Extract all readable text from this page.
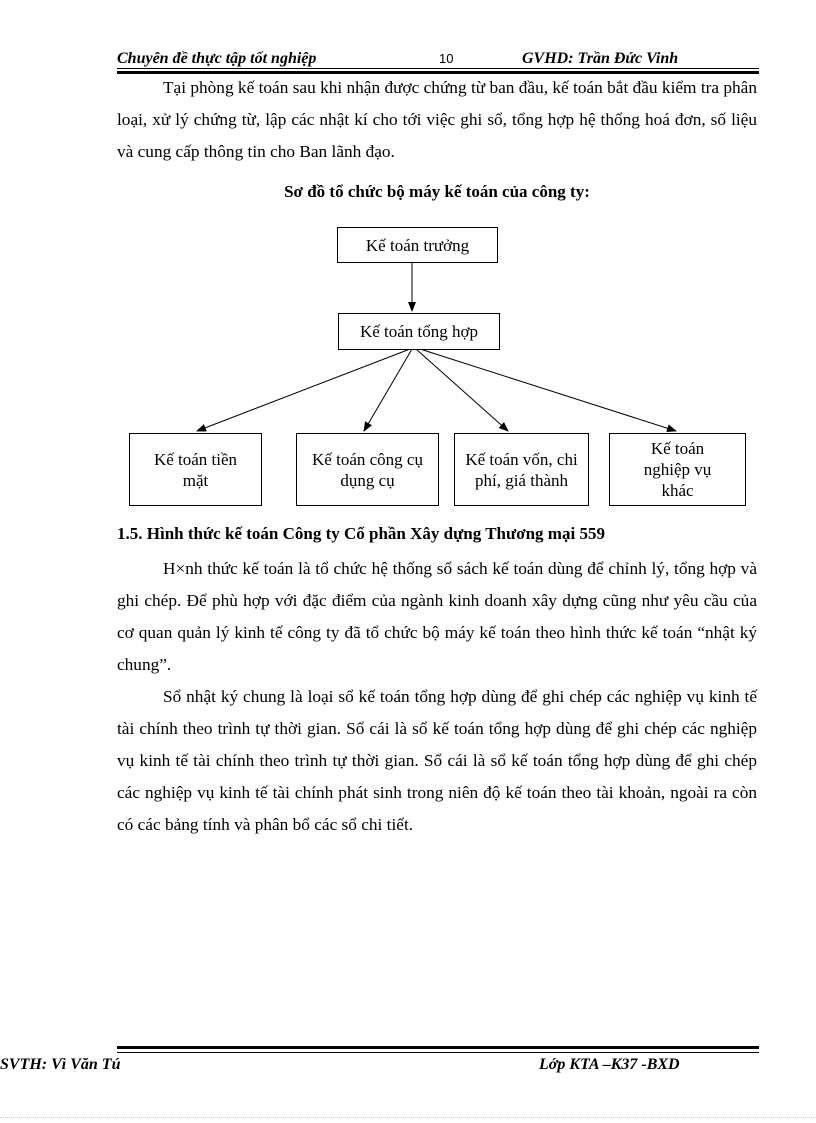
Chuyên đề thực tập tốt nghiệp	10	GVHD: Trần Đức Vinh
Tại phòng kế toán sau khi nhận được chứng từ ban đầu, kế toán bắt đầu kiểm tra phân loại, xử lý chứng từ, lập các nhật kí cho tới việc ghi sổ, tổng hợp hệ thống hoá đơn, số liệu và cung cấp thông tin cho Ban lãnh đạo.
Sơ đồ tổ chức bộ máy kế toán của công ty:
Kế toán trưởng
Kế toán tổng hợp
Kế toán tiền mặt
Kế toán công cụ dụng cụ
Kế toán vốn, chi phí, giá thành
Kế toán nghiệp vụ khác
1.5. Hình thức kế toán Công ty Cổ phần Xây dựng Thương mại 559
H×nh thức kế toán là tổ chức hệ thống sổ sách kế toán dùng để chỉnh lý, tổng hợp và ghi chép. Để phù hợp với đặc điểm của ngành kinh doanh xây dựng cũng như yêu cầu của cơ quan quản lý kinh tế công ty đã tổ chức bộ máy kế toán theo hình thức kế toán “nhật ký chung”.
Sổ nhật ký chung là loại sổ kế toán tổng hợp dùng để ghi chép các nghiệp vụ kinh tế tài chính theo trình tự thời gian. Sổ cái là sổ kế toán tổng hợp dùng để ghi chép các nghiệp vụ kinh tế tài chính theo trình tự thời gian. Sổ cái là sổ kế toán tổng hợp dùng để ghi chép các nghiệp vụ kinh tế tài chính phát sinh trong niên độ kế toán theo tài khoản, ngoài ra còn có các bảng tính và phân bổ các sổ chi tiết.
SVTH: Vì Văn Tú	Lớp KTA –K37 -BXD
